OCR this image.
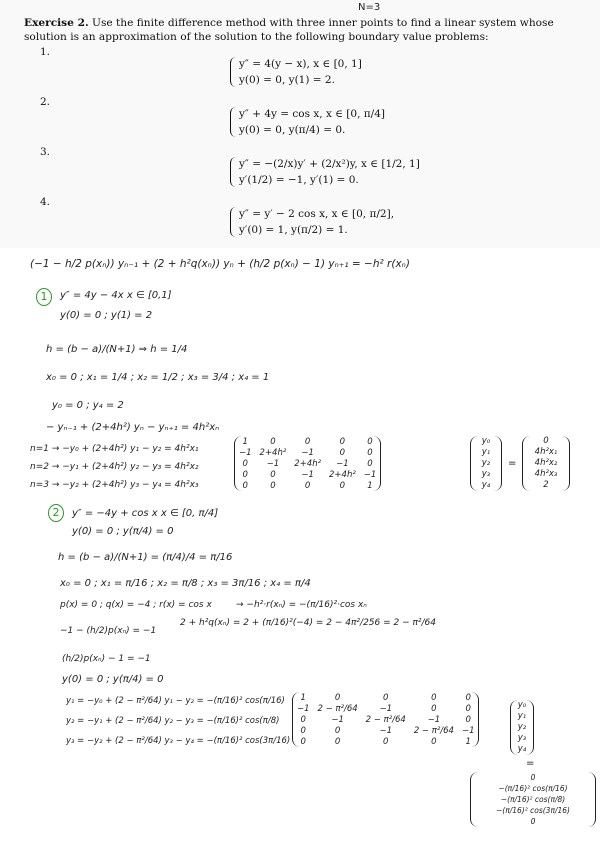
N=3
Exercise 2. Use the finite difference method with three inner points to find a linear system whose solution is an approximation of the solution to the following boundary value problems:
1.
y″ = 4(y − x), x ∈ [0, 1]
y(0) = 0, y(1) = 2.
2.
y″ + 4y = cos x, x ∈ [0, π/4]
y(0) = 0, y(π/4) = 0.
3.
y″ = −(2/x)y′ + (2/x²)y, x ∈ [1/2, 1]
y′(1/2) = −1, y′(1) = 0.
4.
y″ = y′ − 2 cos x, x ∈ [0, π/2],
y′(0) = 1, y(π/2) = 1.
(−1 − h/2 p(xₙ)) yₙ₋₁ + (2 + h²q(xₙ)) yₙ + (h/2 p(xₙ) − 1) yₙ₊₁ = −h² r(xₙ)
1	y″ = 4y − 4x x ∈ [0,1]
y(0) = 0 ; y(1) = 2
h = (b − a)/(N+1) ⇒ h = 1/4
x₀ = 0 ; x₁ = 1/4 ; x₂ = 1/2 ; x₃ = 3/4 ; x₄ = 1
y₀ = 0 ; y₄ = 2
− yₙ₋₁ + (2+4h²) yₙ − yₙ₊₁ = 4h²xₙ
n=1 → −y₀ + (2+4h²) y₁ − y₂ = 4h²x₁
n=2 → −y₁ + (2+4h²) y₂ − y₃ = 4h²x₂
n=3 → −y₂ + (2+4h²) y₃ − y₄ = 4h²x₃
1	0	0	0	0
−1	2+4h²	−1	0	0
0	−1	2+4h²	−1	0
0	0	−1	2+4h²	−1
0	0	0	0	1
y₀
y₁
y₂
y₃
y₄
=
0
4h²x₁
4h²x₂
4h²x₃
2
2	y″ = −4y + cos x x ∈ [0, π/4]
y(0) = 0 ; y(π/4) = 0
h = (b − a)/(N+1) = (π/4)/4 = π/16
x₀ = 0 ; x₁ = π/16 ; x₂ = π/8 ; x₃ = 3π/16 ; x₄ = π/4
p(x) = 0 ; q(x) = −4 ; r(x) = cos x	→ −h²·r(xₙ) = −(π/16)²·cos xₙ
−1 − (h/2)p(xₙ) = −1
2 + h²q(xₙ) = 2 + (π/16)²(−4) = 2 − 4π²/256 = 2 − π²/64
(h/2)p(xₙ) − 1 = −1
y(0) = 0 ; y(π/4) = 0
y₁ = −y₀ + (2 − π²/64) y₁ − y₂ = −(π/16)² cos(π/16)
y₂ = −y₁ + (2 − π²/64) y₂ − y₃ = −(π/16)² cos(π/8)
y₃ = −y₂ + (2 − π²/64) y₃ − y₄ = −(π/16)² cos(3π/16)
1	0	0	0	0
−1	2 − π²/64	−1	0	0
0	−1	2 − π²/64	−1	0
0	0	−1	2 − π²/64	−1
0	0	0	0	1
y₀
y₁
y₂
y₃
y₄
=
0
−(π/16)² cos(π/16)
−(π/16)² cos(π/8)
−(π/16)² cos(3π/16)
0
